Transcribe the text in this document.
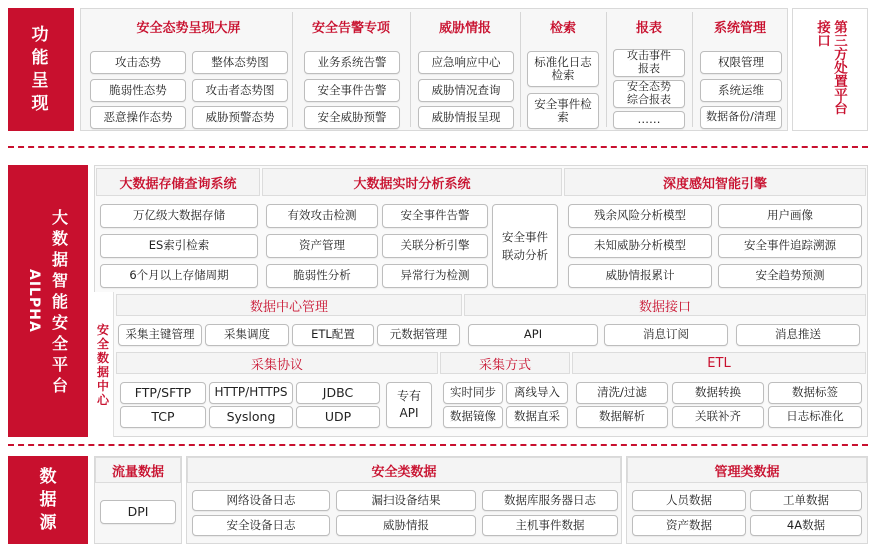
功能呈现
安全态势呈现大屏	安全告警专项	威胁情报	检索	报表	系统管理
攻击态势	整体态势图
脆弱性态势	攻击者态势图
恶意操作态势	威胁预警态势
业务系统告警
安全事件告警
安全威胁预警
应急响应中心
威胁情况查询
威胁情报呈现
标准化日志检索
安全事件检索
攻击事件报表
安全态势综合报表
……
权限管理
系统运维
数据备份/清理
第三方处置平台接口
AILPHA
大数据智能安全平台
大数据存储查询系统	大数据实时分析系统	深度感知智能引擎
万亿级大数据存储
ES索引检索
6个月以上存储周期
有效攻击检测	安全事件告警
资产管理	关联分析引擎
脆弱性分析	异常行为检测
安全事件联动分析
残余风险分析模型	用户画像
未知威胁分析模型	安全事件追踪溯源
威胁情报累计	安全趋势预测
安全数据中心
数据中心管理	数据接口
采集主键管理	采集调度	ETL配置	元数据管理	API	消息订阅	消息推送
采集协议	采集方式	ETL
FTP/SFTP	HTTP/HTTPS	JDBC
TCP	Syslong	UDP
专有API
实时同步	离线导入
数据镜像	数据直采
清洗/过滤	数据转换	数据标签
数据解析	关联补齐	日志标准化
数据源
流量数据
DPI
安全类数据
网络设备日志	漏扫设备结果	数据库服务器日志
安全设备日志	威胁情报	主机事件数据
管理类数据
人员数据	工单数据
资产数据	4A数据
